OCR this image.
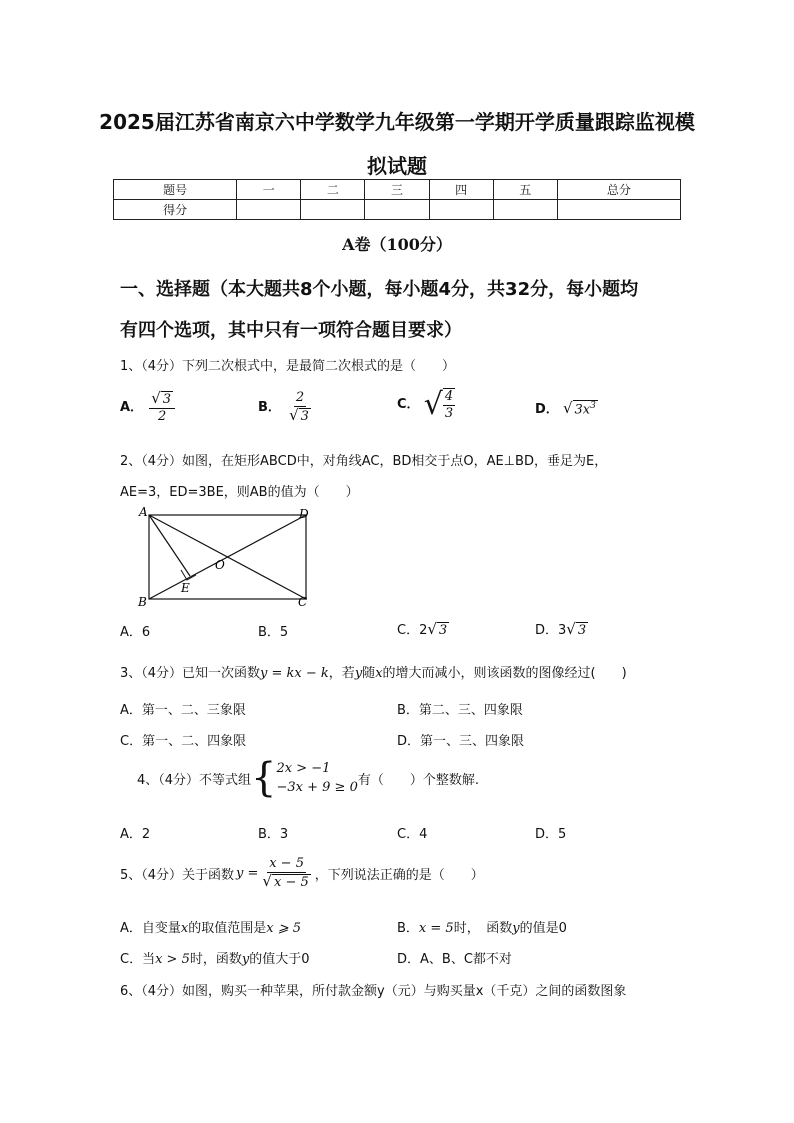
2025届江苏省南京六中学数学九年级第一学期开学质量跟踪监视模
拟试题
题号	一	二	三	四	五	总分
得分						
A卷（100分）
一、选择题（本大题共8个小题，每小题4分，共32分，每小题均
有四个选项，其中只有一项符合题目要求）
1、（4分）下列二次根式中，是最简二次根式的是（　　）
A． $\frac{√ 3}{2}$	B． $\frac{2}{√ 3}$	C． √ $\frac{4}{3}$	D． √ $3x^3$
2、（4分）如图，在矩形ABCD中，对角线AC，BD相交于点O，AE⊥BD，垂足为E，
AE=3，ED=3BE，则AB的值为（　　）
A
B	C
D
E
O
A．6	B．5	C．2√ 3	D．3√ 3
3、（4分）已知一次函数y = kx − k，若y随x的增大而减小，则该函数的图像经过(　　)
A．第一、二、三象限	B．第二、三、四象限
C．第一、二、四象限	D．第一、三、四象限
4、（4分）不等式组 { 2x > −1
−3x + 9 ≥ 0 有（　　）个整数解.
A．2	B．3	C．4	D．5
5、（4分）关于函数 $y = \frac{x - 5}{√ x - 5}$ ，下列说法正确的是（　　）
A．自变量x的取值范围是x ⩾ 5	B．x = 5时，　函数y的值是0
C．当x > 5时，函数y的值大于0	D．A、B、C都不对
6、（4分）如图，购买一种苹果，所付款金额y（元）与购买量x（千克）之间的函数图象
